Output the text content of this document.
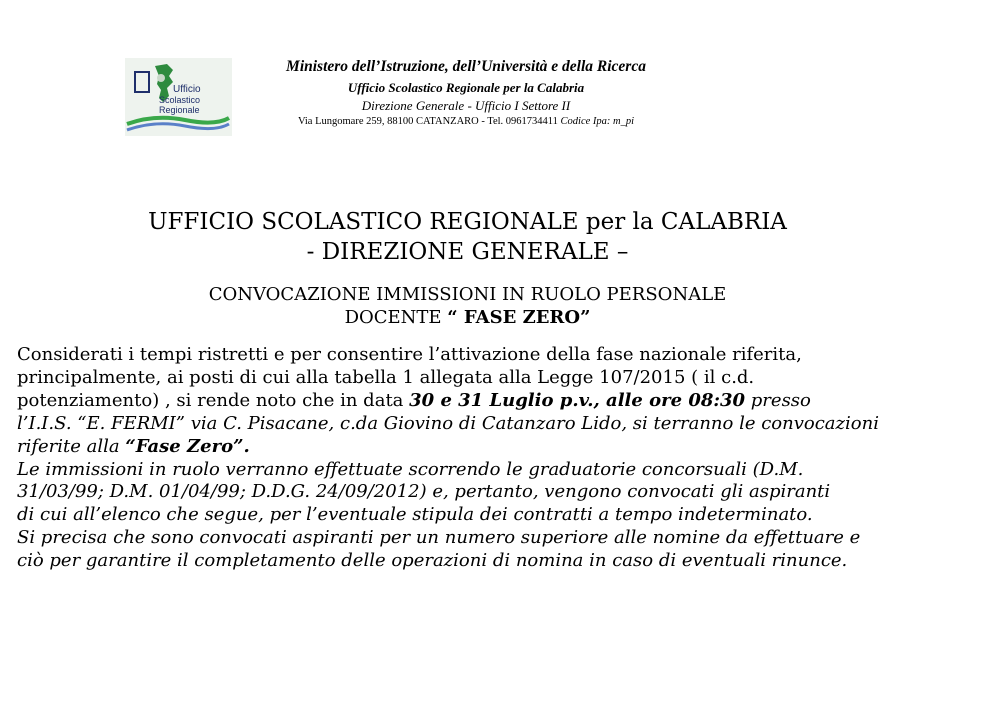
Ufficio
Scolastico
Regionale
Ministero dell’Istruzione, dell’Università e della Ricerca
Ufficio Scolastico Regionale per la Calabria
Direzione Generale - Ufficio I Settore II
Via Lungomare 259, 88100 CATANZARO - Tel. 0961734411 Codice Ipa: m_pi
UFFICIO SCOLASTICO REGIONALE per la CALABRIA
- DIREZIONE GENERALE –
CONVOCAZIONE IMMISSIONI IN RUOLO PERSONALE
DOCENTE “ FASE ZERO”
Considerati i tempi ristretti e per consentire l’attivazione della fase nazionale riferita,
principalmente, ai posti di cui alla tabella 1 allegata alla Legge 107/2015 ( il c.d.
potenziamento) , si rende noto che in data 30 e 31 Luglio p.v., alle ore 08:30 presso
l’I.I.S. “E. FERMI” via C. Pisacane, c.da Giovino di Catanzaro Lido, si terranno le convocazioni
riferite alla “Fase Zero”.
Le immissioni in ruolo verranno effettuate scorrendo le graduatorie concorsuali (D.M.
31/03/99; D.M. 01/04/99; D.D.G. 24/09/2012) e, pertanto, vengono convocati gli aspiranti
di cui all’elenco che segue, per l’eventuale stipula dei contratti a tempo indeterminato.
Si precisa che sono convocati aspiranti per un numero superiore alle nomine da effettuare e
ciò per garantire il completamento delle operazioni di nomina in caso di eventuali rinunce.
